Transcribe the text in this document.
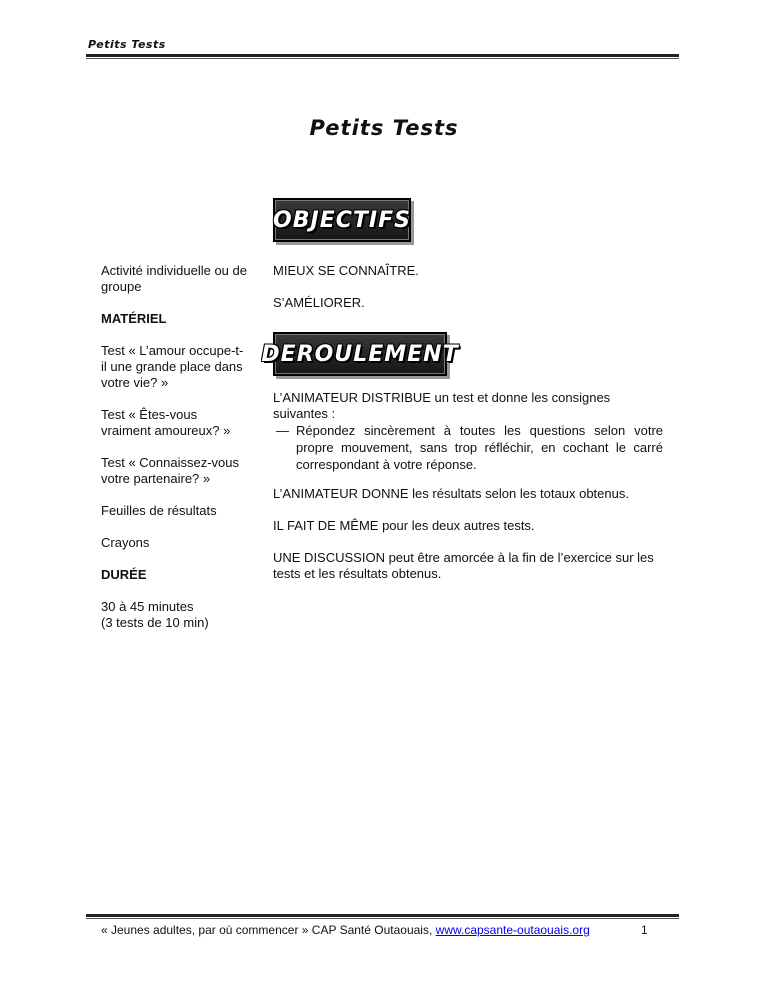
Petits Tests
Petits Tests
OBJECTIFS
Activité individuelle ou de groupe
MATÉRIEL
Test « L’amour occupe-t-il une grande place dans votre vie? »
Test « Êtes-vous vraiment amoureux? »
Test « Connaissez-vous votre partenaire? »
Feuilles de résultats
Crayons
DURÉE
30 à 45 minutes
(3 tests de 10 min)
MIEUX SE CONNAÎTRE.
S’AMÉLIORER.
DEROULEMENT
L’ANIMATEUR DISTRIBUE un test et donne les consignes suivantes :
— Répondez sincèrement à toutes les questions selon votre propre mouvement, sans trop réfléchir, en cochant le carré correspondant à votre réponse.
L’ANIMATEUR DONNE les résultats selon les totaux obtenus.
IL FAIT DE MÊME pour les deux autres tests.
UNE DISCUSSION peut être amorcée à la fin de l’exercice sur les tests et les résultats obtenus.
« Jeunes adultes, par où commencer » CAP Santé Outaouais, www.capsante-outaouais.org	1
